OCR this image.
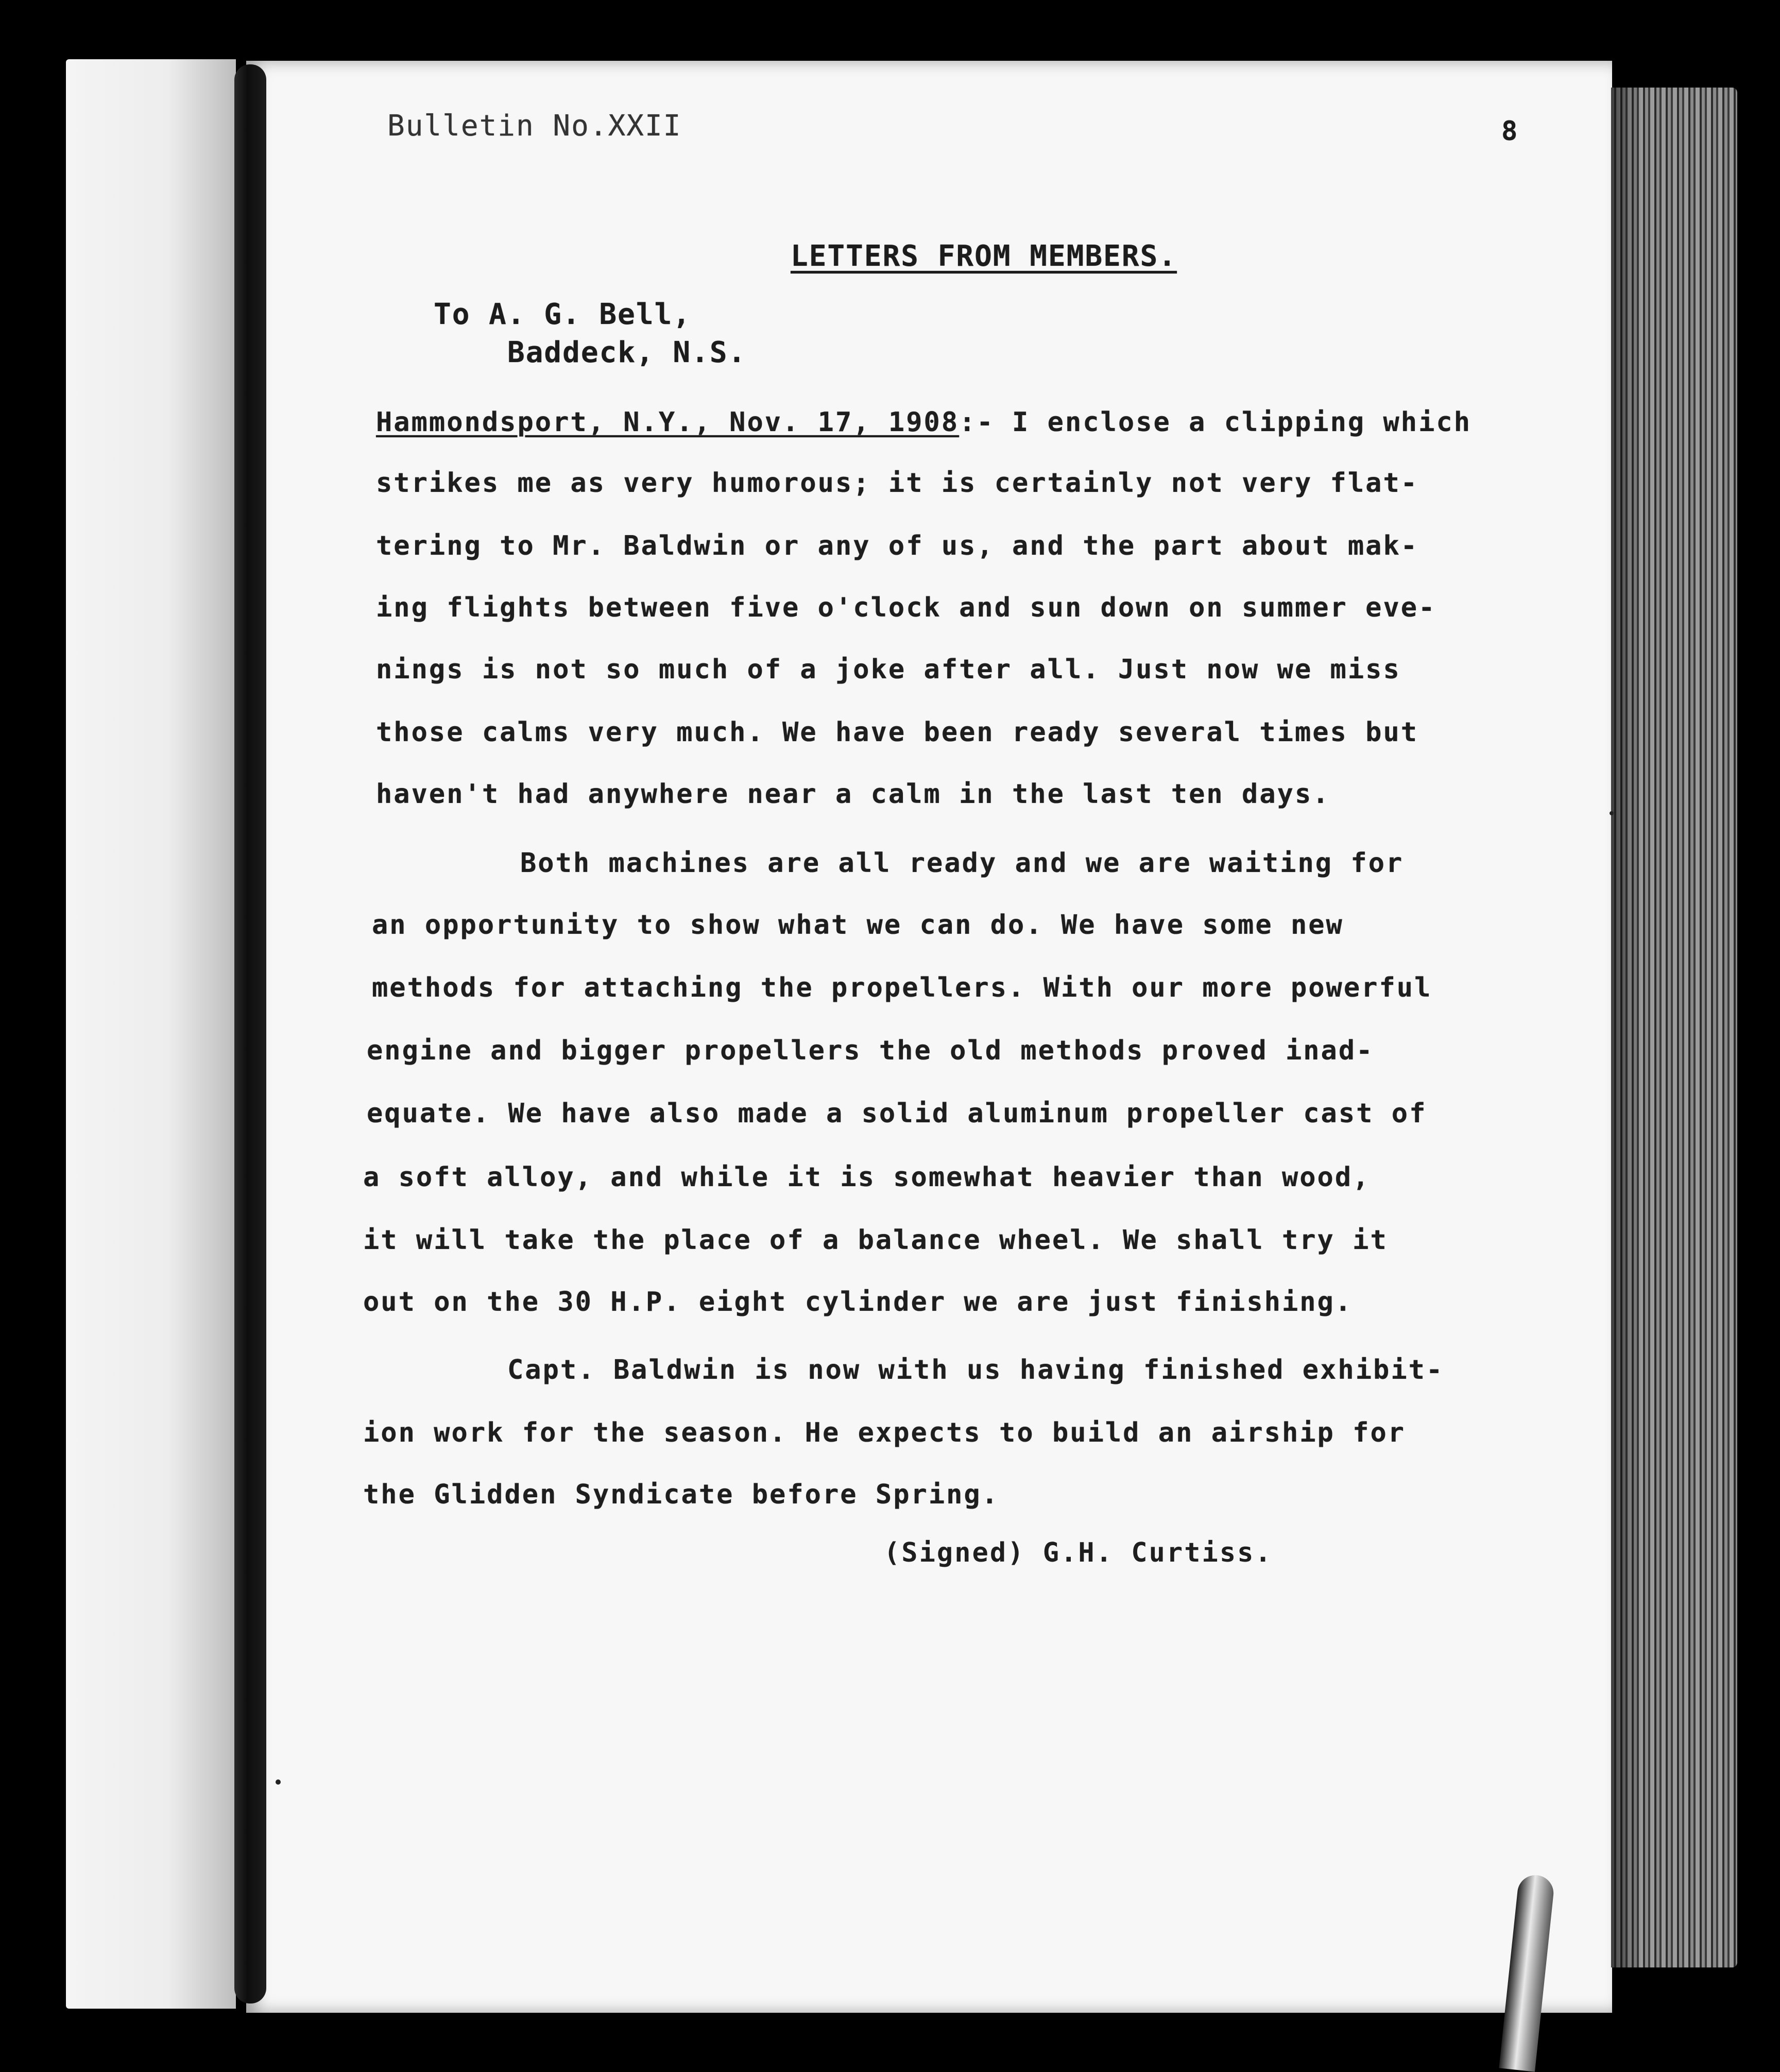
Bulletin No.XXII	8
LETTERS FROM MEMBERS.
To A. G. Bell,
Baddeck, N.S.
Hammondsport, N.Y., Nov. 17, 1908:- I enclose a clipping which
strikes me as very humorous; it is certainly not very flat-
tering to Mr. Baldwin or any of us, and the part about mak-
ing flights between five o'clock and sun down on summer eve-
nings is not so much of a joke after all. Just now we miss
those calms very much. We have been ready several times but
haven't had anywhere near a calm in the last ten days.
Both machines are all ready and we are waiting for
an opportunity to show what we can do. We have some new
methods for attaching the propellers. With our more powerful
engine and bigger propellers the old methods proved inad-
equate. We have also made a solid aluminum propeller cast of
a soft alloy, and while it is somewhat heavier than wood,
it will take the place of a balance wheel. We shall try it
out on the 30 H.P. eight cylinder we are just finishing.
Capt. Baldwin is now with us having finished exhibit-
ion work for the season. He expects to build an airship for
the Glidden Syndicate before Spring.
(Signed) G.H. Curtiss.
